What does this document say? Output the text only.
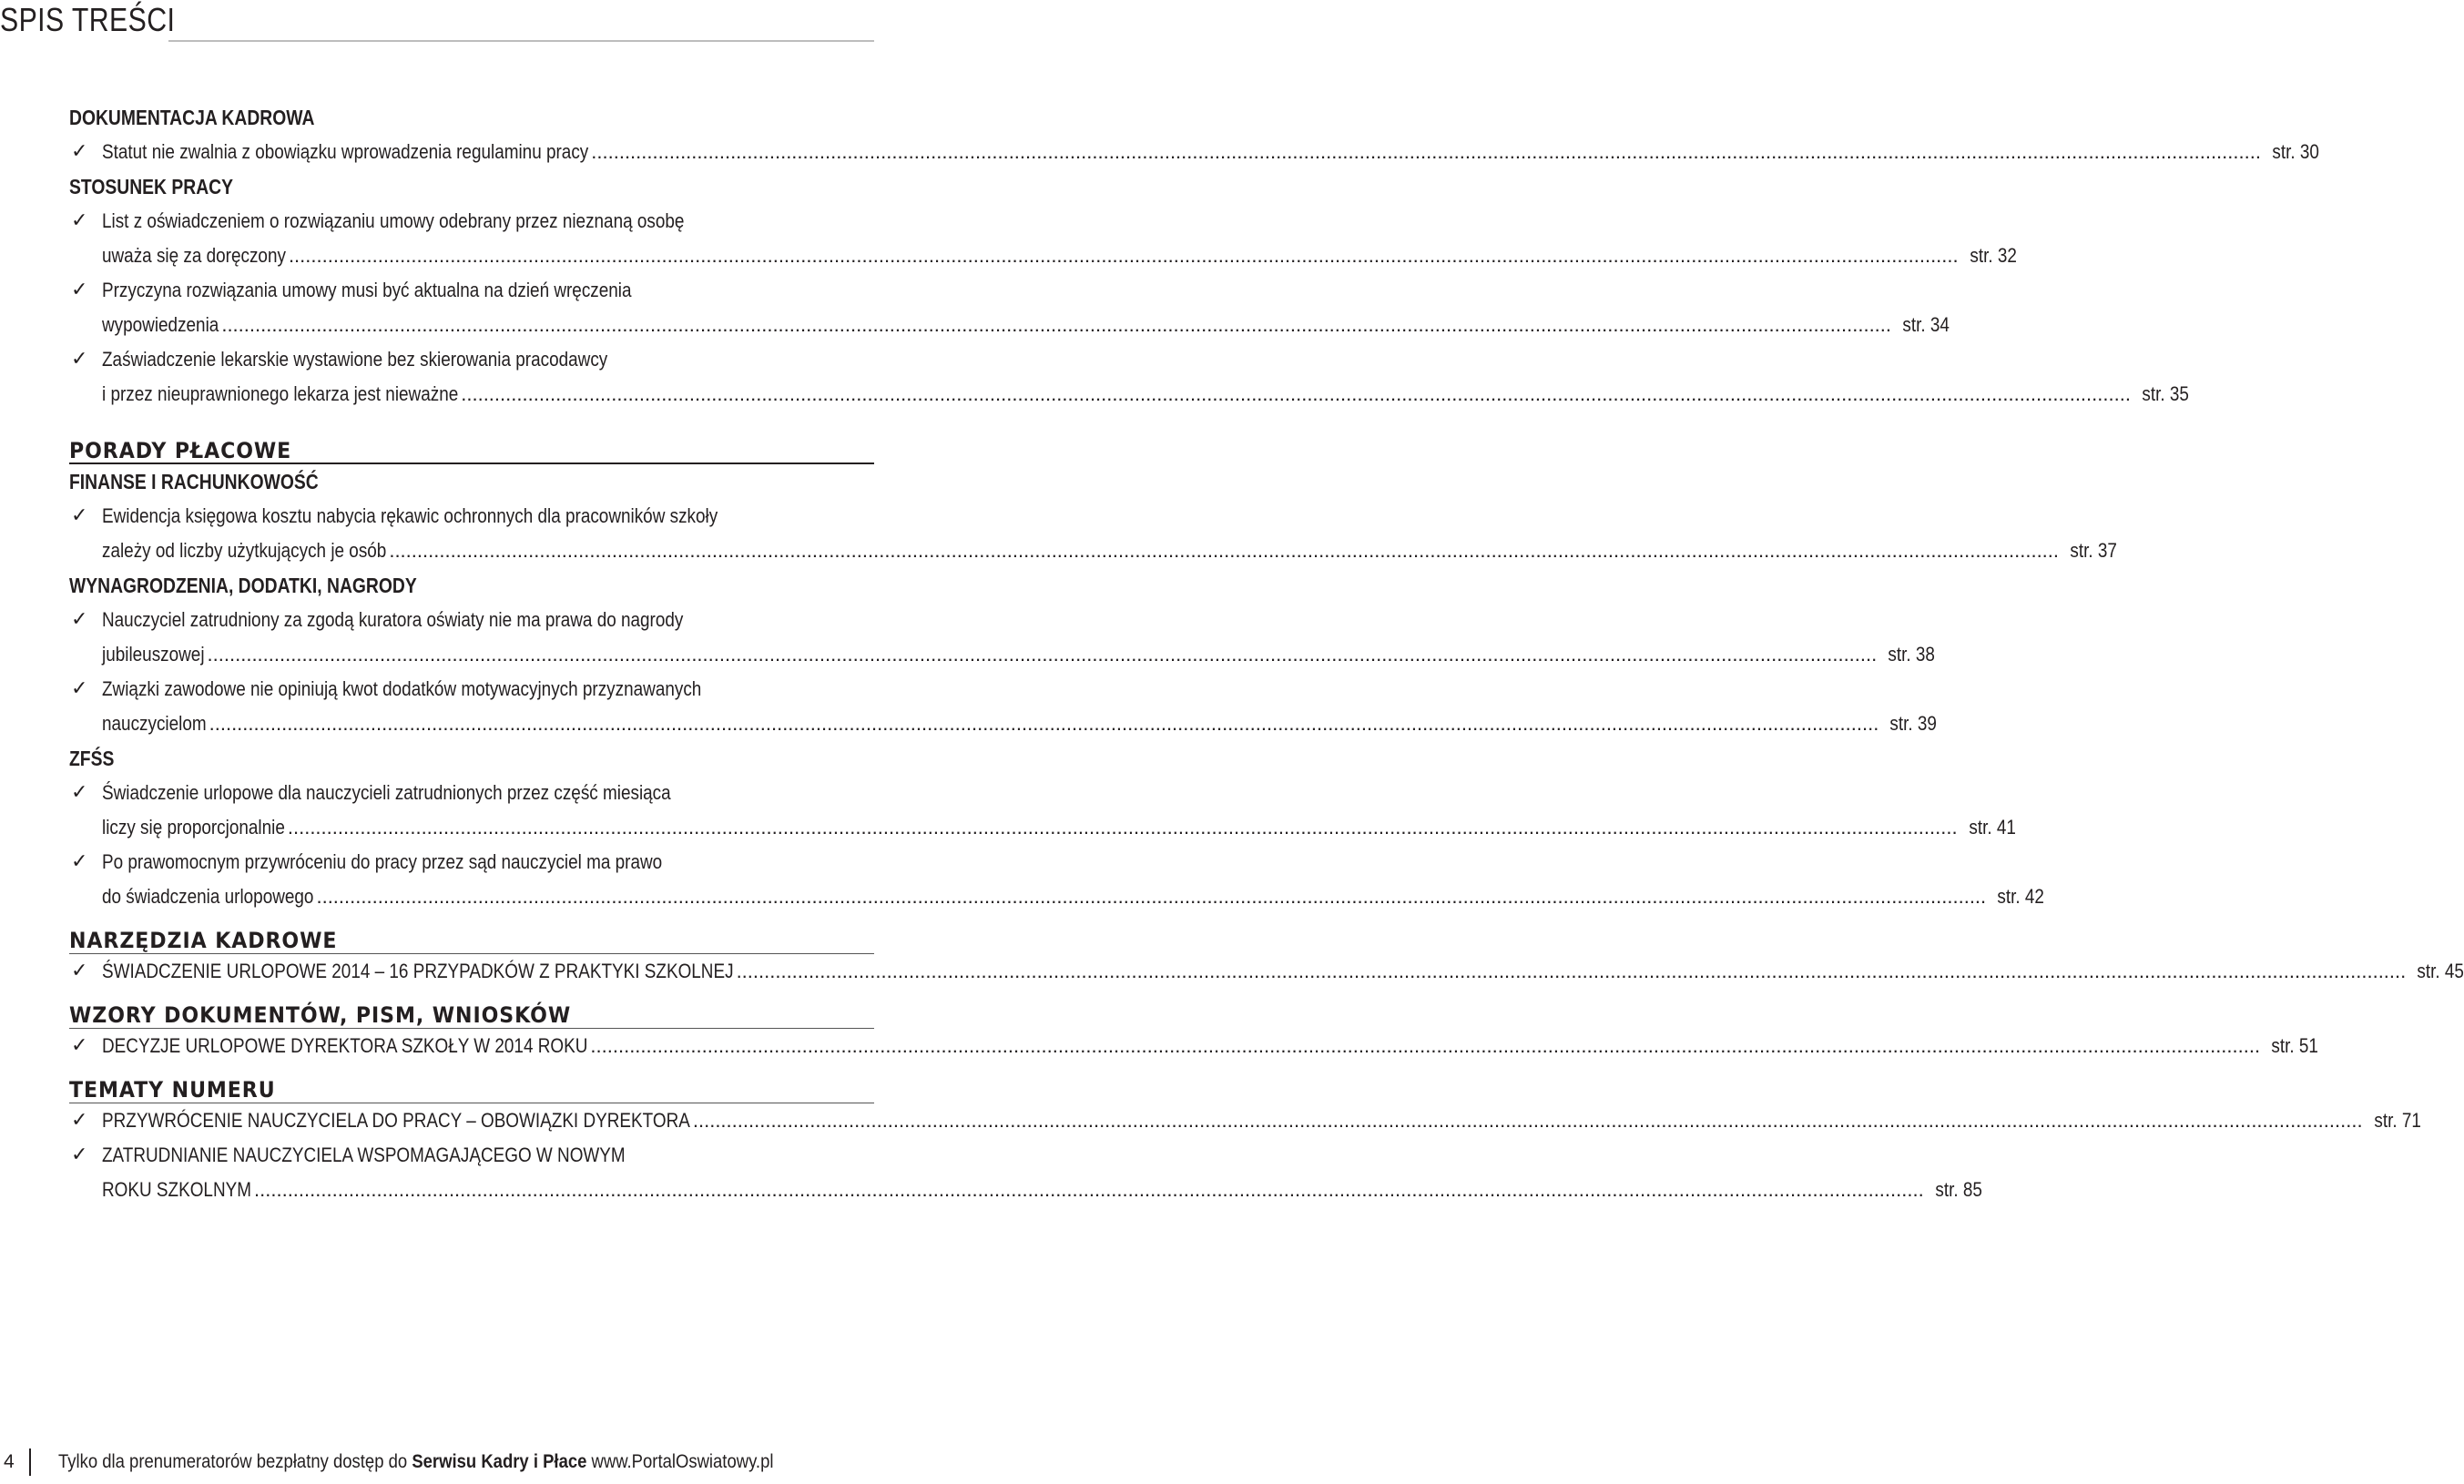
SPIS TREŚCI
DOKUMENTACJA KADROWA
✓ Statut nie zwalnia z obowiązku wprowadzenia regulaminu pracy ............................................................................................................................................................................................................................................................................................................ str. 30
STOSUNEK PRACY
✓ List z oświadczeniem o rozwiązaniu umowy odebrany przez nieznaną osobę
uważa się za doręczony ............................................................................................................................................................................................................................................................................................................ str. 32
✓ Przyczyna rozwiązania umowy musi być aktualna na dzień wręczenia
wypowiedzenia ............................................................................................................................................................................................................................................................................................................ str. 34
✓ Zaświadczenie lekarskie wystawione bez skierowania pracodawcy
i przez nieuprawnionego lekarza jest nieważne ............................................................................................................................................................................................................................................................................................................ str. 35
PORADY PŁACOWE
FINANSE I RACHUNKOWOŚĆ
✓ Ewidencja księgowa kosztu nabycia rękawic ochronnych dla pracowników szkoły
zależy od liczby użytkujących je osób ............................................................................................................................................................................................................................................................................................................ str. 37
WYNAGRODZENIA, DODATKI, NAGRODY
✓ Nauczyciel zatrudniony za zgodą kuratora oświaty nie ma prawa do nagrody
jubileuszowej ............................................................................................................................................................................................................................................................................................................ str. 38
✓ Związki zawodowe nie opiniują kwot dodatków motywacyjnych przyznawanych
nauczycielom ............................................................................................................................................................................................................................................................................................................ str. 39
ZFŚS
✓ Świadczenie urlopowe dla nauczycieli zatrudnionych przez część miesiąca
liczy się proporcjonalnie ............................................................................................................................................................................................................................................................................................................ str. 41
✓ Po prawomocnym przywróceniu do pracy przez sąd nauczyciel ma prawo
do świadczenia urlopowego ............................................................................................................................................................................................................................................................................................................ str. 42
NARZĘDZIA KADROWE
✓ ŚWIADCZENIE URLOPOWE 2014 – 16 PRZYPADKÓW Z PRAKTYKI SZKOLNEJ ............................................................................................................................................................................................................................................................................................................ str. 45
WZORY DOKUMENTÓW, PISM, WNIOSKÓW
✓ DECYZJE URLOPOWE DYREKTORA SZKOŁY W 2014 ROKU ............................................................................................................................................................................................................................................................................................................ str. 51
TEMATY NUMERU
✓ PRZYWRÓCENIE NAUCZYCIELA DO PRACY – OBOWIĄZKI DYREKTORA ............................................................................................................................................................................................................................................................................................................ str. 71
✓ ZATRUDNIANIE NAUCZYCIELA WSPOMAGAJĄCEGO W NOWYM
ROKU SZKOLNYM ............................................................................................................................................................................................................................................................................................................ str. 85
4	Tylko dla prenumeratorów bezpłatny dostęp do Serwisu Kadry i Płace www.PortalOswiatowy.pl
